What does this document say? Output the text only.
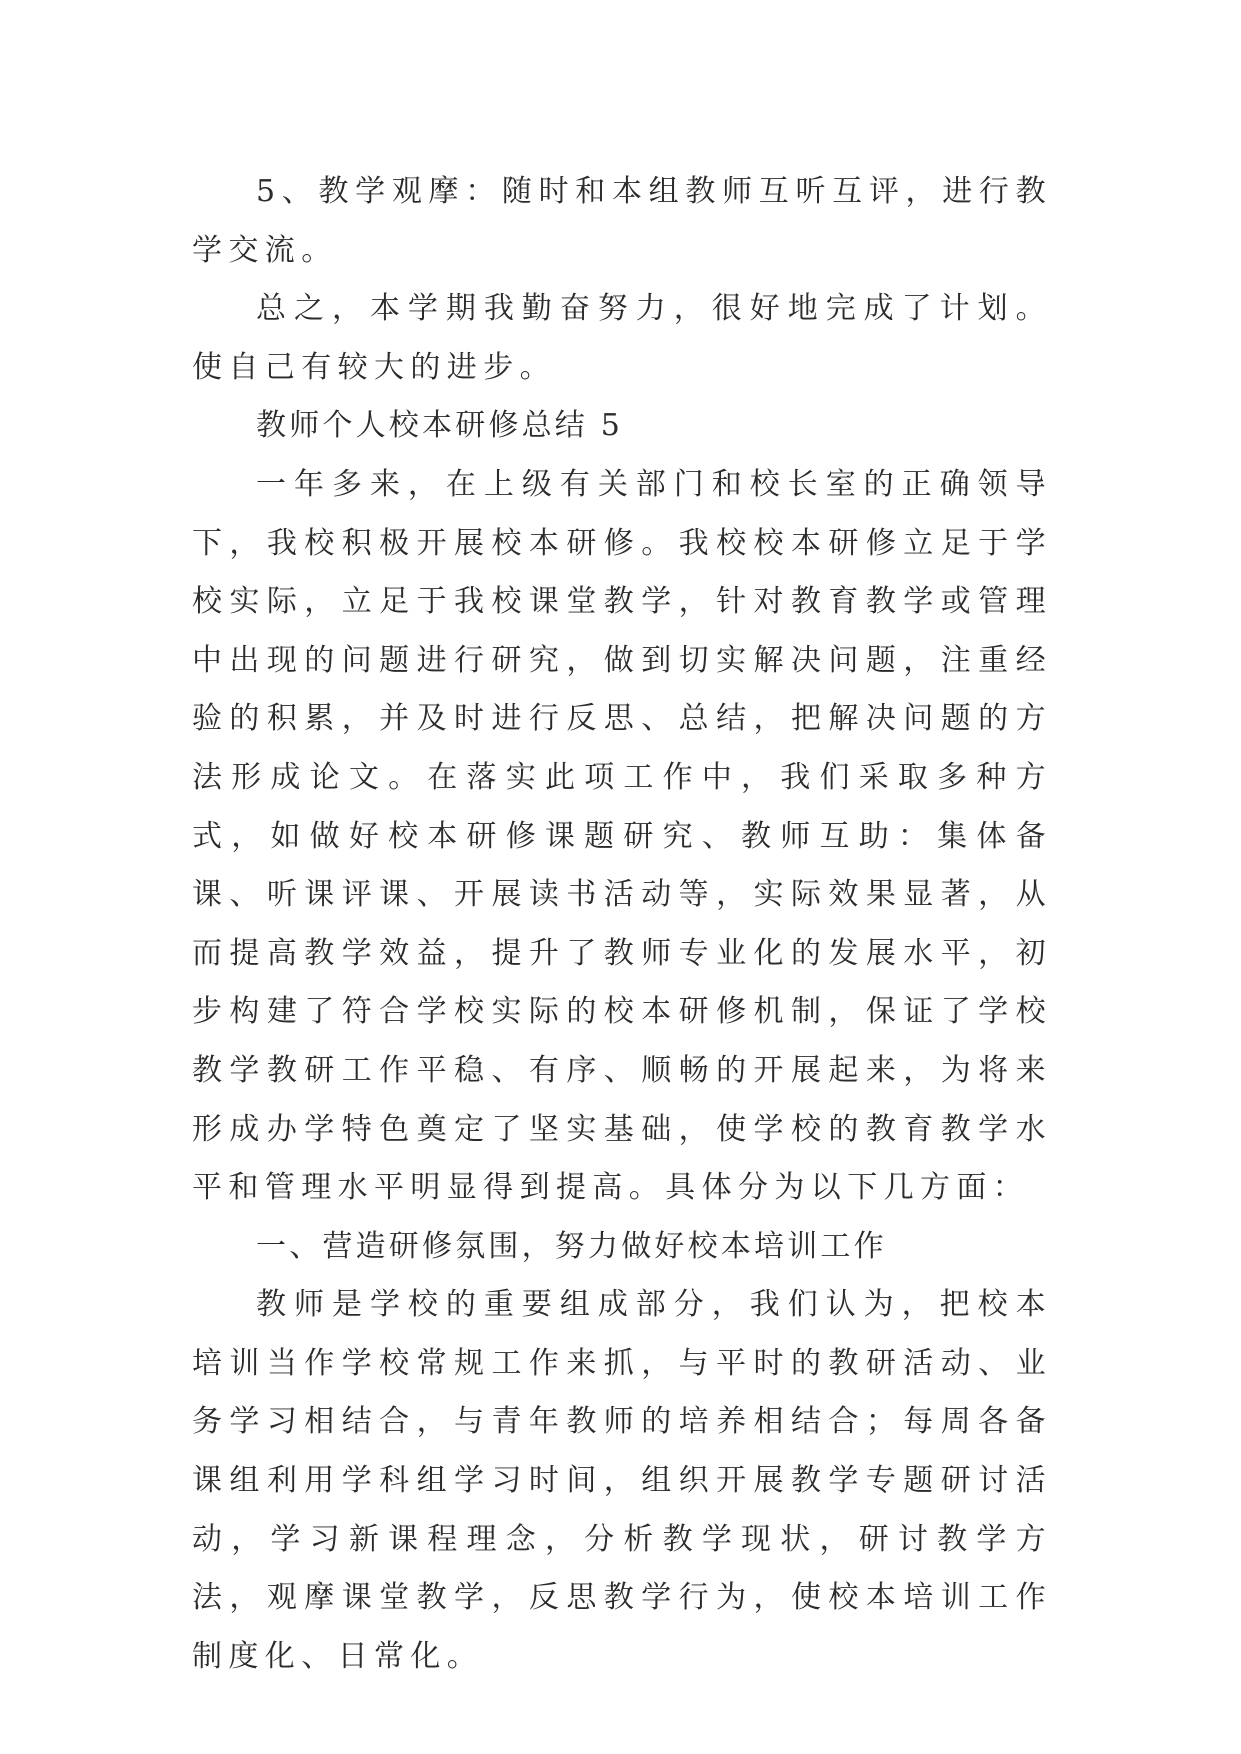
5、教学观摩：随时和本组教师互听互评，进行教学交流。

总之，本学期我勤奋努力，很好地完成了计划。使自己有较大的进步。

教师个人校本研修总结 5

一年多来，在上级有关部门和校长室的正确领导下，我校积极开展校本研修。我校校本研修立足于学校实际，立足于我校课堂教学，针对教育教学或管理中出现的问题进行研究，做到切实解决问题，注重经验的积累，并及时进行反思、总结，把解决问题的方法形成论文。在落实此项工作中，我们采取多种方式，如做好校本研修课题研究、教师互助：集体备课、听课评课、开展读书活动等，实际效果显著，从而提高教学效益，提升了教师专业化的发展水平，初步构建了符合学校实际的校本研修机制，保证了学校教学教研工作平稳、有序、顺畅的开展起来，为将来形成办学特色奠定了坚实基础，使学校的教育教学水平和管理水平明显得到提高。具体分为以下几方面：

一、营造研修氛围，努力做好校本培训工作

教师是学校的重要组成部分，我们认为，把校本培训当作学校常规工作来抓，与平时的教研活动、业务学习相结合，与青年教师的培养相结合；每周各备课组利用学科组学习时间，组织开展教学专题研讨活动，学习新课程理念，分析教学现状，研讨教学方法，观摩课堂教学，反思教学行为，使校本培训工作制度化、日常化。
